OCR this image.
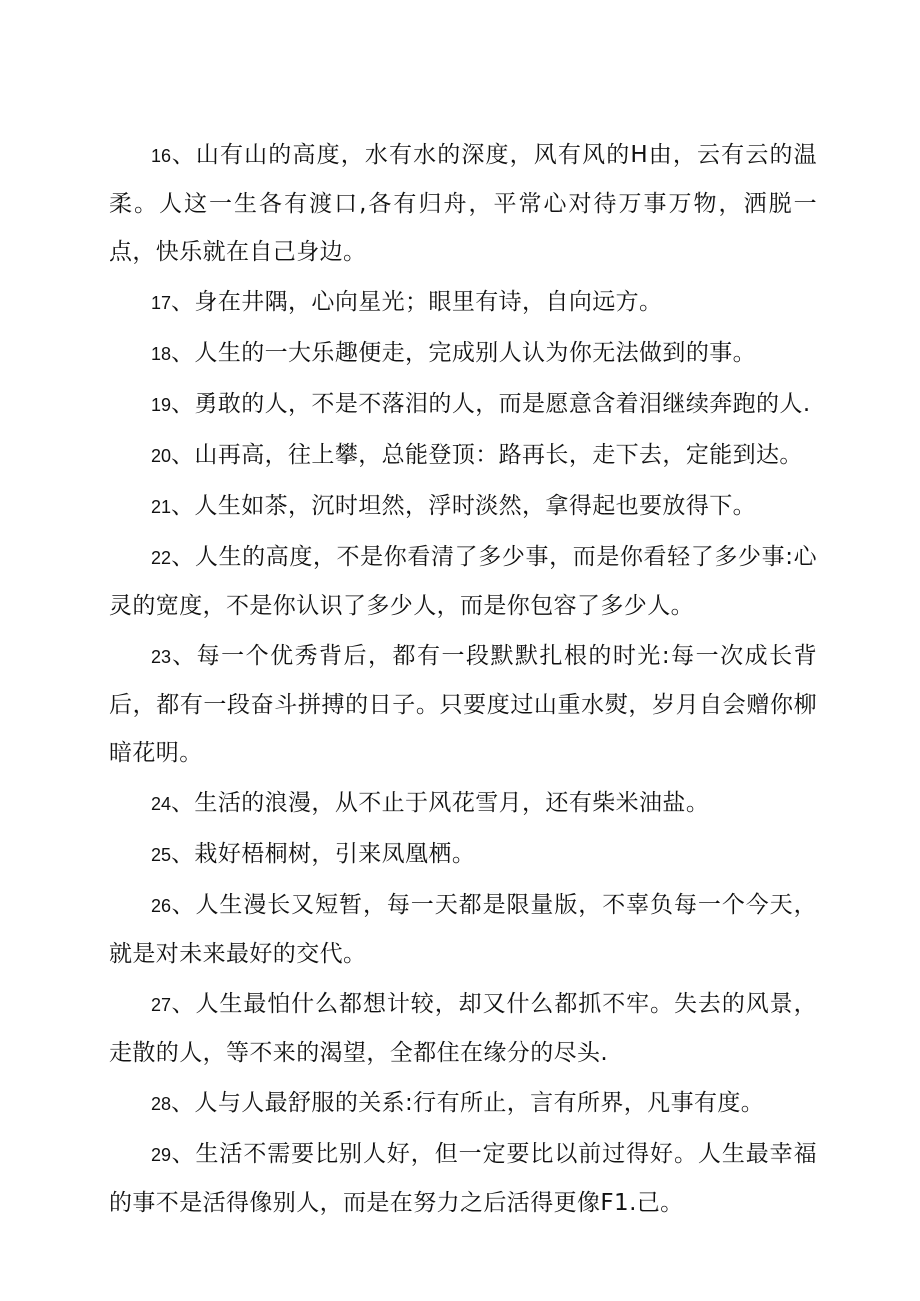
16、山有山的高度，水有水的深度，风有风的H由，云有云的温柔。人这一生各有渡口,各有归舟，平常心对待万事万物，洒脱一点，快乐就在自己身边。

17、身在井隅，心向星光；眼里有诗，自向远方。

18、人生的一大乐趣便走，完成别人认为你无法做到的事。

19、勇敢的人，不是不落泪的人，而是愿意含着泪继续奔跑的人.

20、山再高，往上攀，总能登顶：路再长，走下去，定能到达。

21、人生如茶，沉时坦然，浮时淡然，拿得起也要放得下。

22、人生的高度，不是你看清了多少事，而是你看轻了多少事:心灵的宽度，不是你认识了多少人，而是你包容了多少人。

23、每一个优秀背后，都有一段默默扎根的时光:每一次成长背后，都有一段奋斗拼搏的日子。只要度过山重水熨，岁月自会赠你柳暗花明。

24、生活的浪漫，从不止于风花雪月，还有柴米油盐。

25、栽好梧桐树，引来凤凰栖。

26、人生漫长又短暂，每一天都是限量版，不辜负每一个今天，就是对未来最好的交代。

27、人生最怕什么都想计较，却又什么都抓不牢。失去的风景，走散的人，等不来的渴望，全都住在缘分的尽头.

28、人与人最舒服的关系:行有所止，言有所界，凡事有度。

29、生活不需要比别人好，但一定要比以前过得好。人生最幸福的事不是活得像别人，而是在努力之后活得更像F1.己。
